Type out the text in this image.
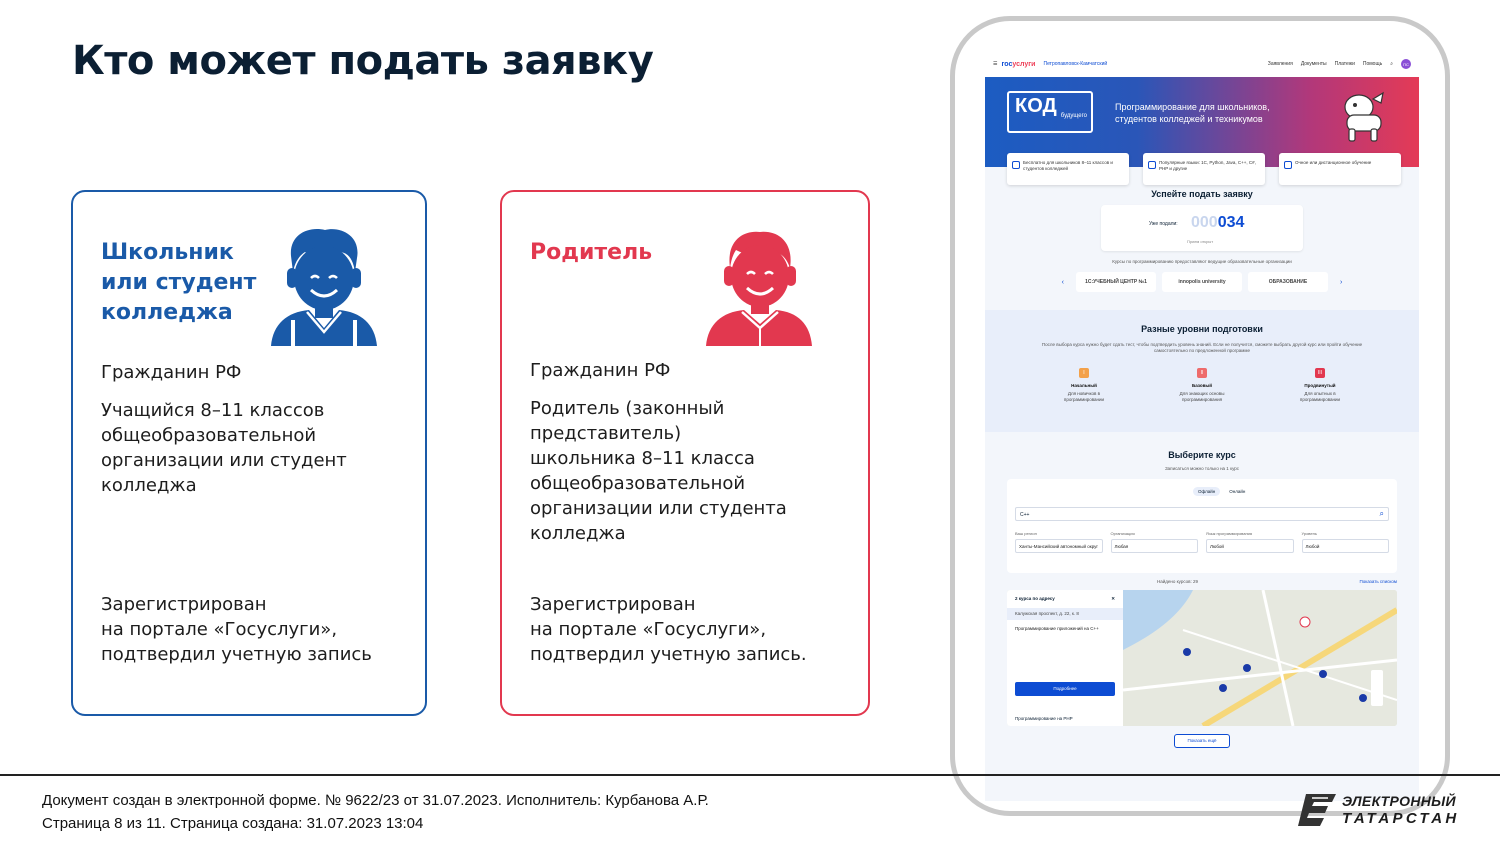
Кто может подать заявку
Школьник или студент колледжа
Гражданин РФ
Учащийся 8–11 классов общеобразовательной организации или студент колледжа
Зарегистрирован
на портале «Госуслуги»,
подтвердил учетную запись
Родитель
Гражданин РФ
Родитель (законный
представитель)
школьника 8–11 класса
общеобразовательной
организации или студента
колледжа
Зарегистрирован
на портале «Госуслуги»,
подтвердил учетную запись.
☰ госуслуги Петропавловск-Камчатский	Заявления Документы Платежи Помощь ⌕	ПС
КОД будущего
Программирование для школьников,
студентов колледжей и техникумов
Бесплатно для школьников 8–11 классов и студентов колледжей
Популярные языки: 1С, Python, Java, C++, C#, PHP и другие
Очное или дистанционное обучение
Успейте подать заявку
Уже подали: 000034
Прием открыт
Курсы по программированию предоставляют ведущие образовательные организации
‹	1С:УЧЕБНЫЙ ЦЕНТР №1	innopolis university	ОБРАЗОВАНИЕ	›
Разные уровни подготовки
После выбора курса нужно будет сдать тест, чтобы подтвердить уровень знаний. Если не получится, сможете выбрать другой курс или пройти обучение самостоятельно по предложенной программе
I
Начальный
Для новичков в программировании
II
Базовый
Для знающих основы программирования
III
Продвинутый
Для опытных в программировании
Выберите курс
Записаться можно только на 1 курс
Офлайн	Онлайн
C++ ⌕
Ваш регион
Ханты-Мансийский автономный округ
Организация
Любая
Язык программирования
Любой
Уровень
Любой
Найдено курсов: 29	Показать списком
2 курса по адресу	✕
Калужская проспект, д. 22, к. 8
Программирование приложений на C++
Подробнее
Программирование на PHP
Показать ещё
Документ создан в электронной форме. № 9622/23 от 31.07.2023. Исполнитель: Курбанова А.Р.
Страница 8 из 11. Страница создана: 31.07.2023 13:04
ЭЛЕКТРОННЫЙ
ТАТАРСТАН
